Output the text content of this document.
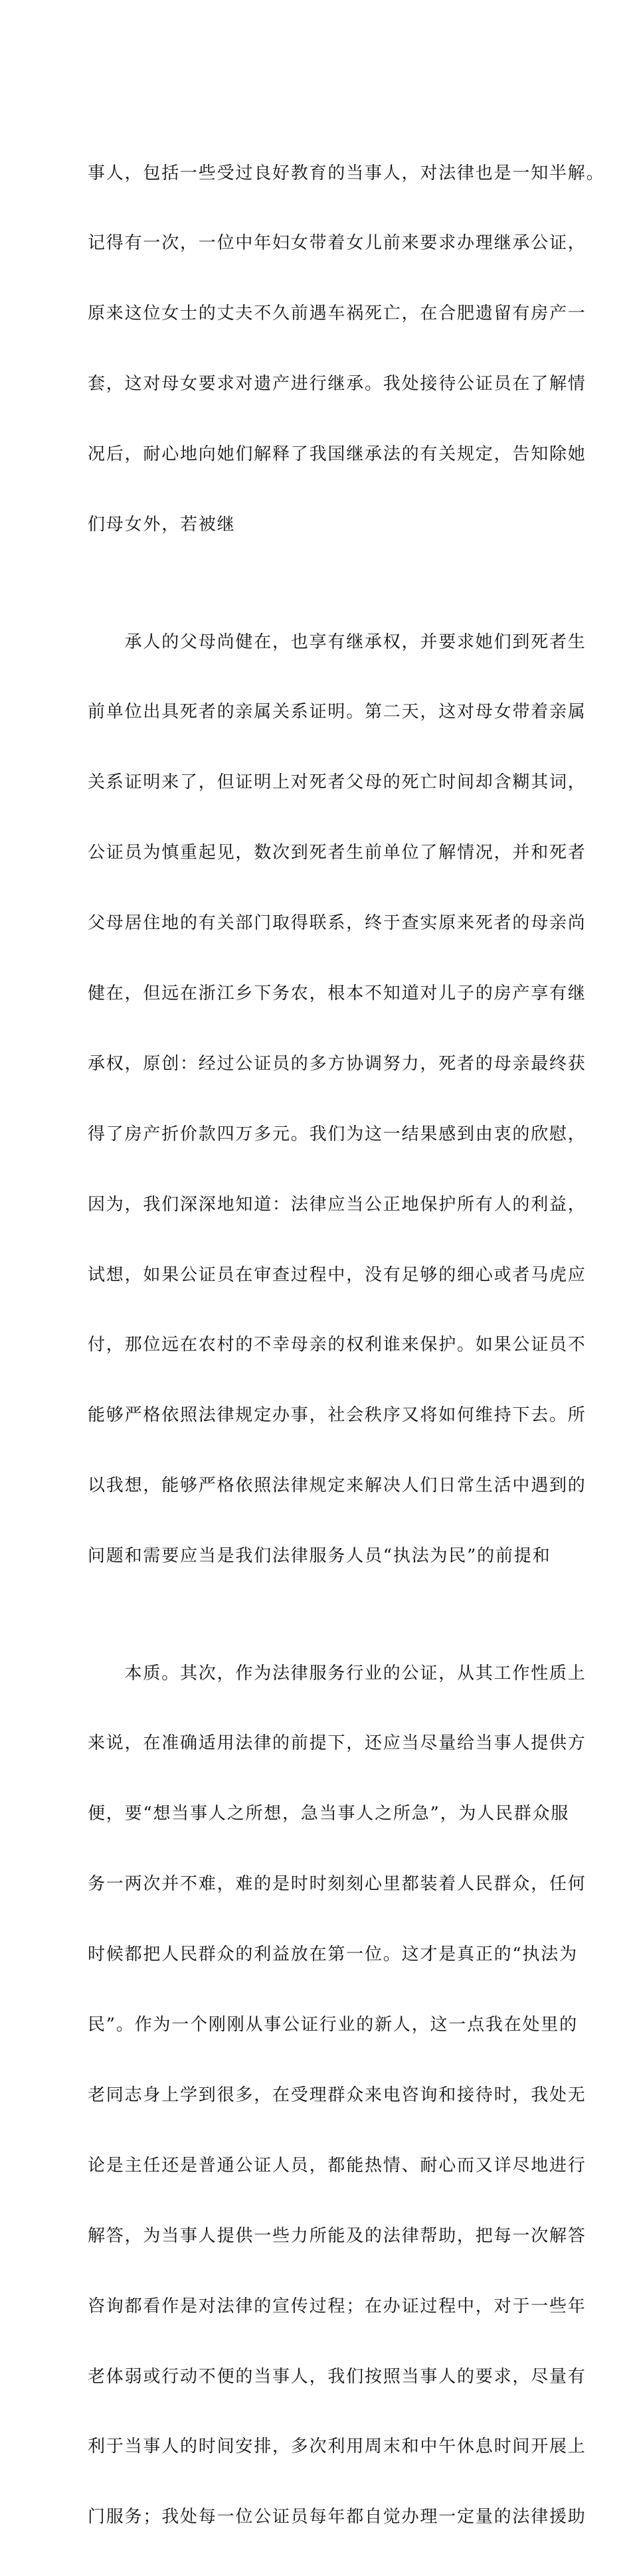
事人，包括一些受过良好教育的当事人，对法律也是一知半解。

记得有一次，一位中年妇女带着女儿前来要求办理继承公证，

原来这位女士的丈夫不久前遇车祸死亡，在合肥遗留有房产一

套，这对母女要求对遗产进行继承。我处接待公证员在了解情

况后，耐心地向她们解释了我国继承法的有关规定，告知除她

们母女外，若被继

　　承人的父母尚健在，也享有继承权，并要求她们到死者生

前单位出具死者的亲属关系证明。第二天，这对母女带着亲属

关系证明来了，但证明上对死者父母的死亡时间却含糊其词，

公证员为慎重起见，数次到死者生前单位了解情况，并和死者

父母居住地的有关部门取得联系，终于查实原来死者的母亲尚

健在，但远在浙江乡下务农，根本不知道对儿子的房产享有继

承权，原创：经过公证员的多方协调努力，死者的母亲最终获

得了房产折价款四万多元。我们为这一结果感到由衷的欣慰，

因为，我们深深地知道：法律应当公正地保护所有人的利益，

试想，如果公证员在审查过程中，没有足够的细心或者马虎应

付，那位远在农村的不幸母亲的权利谁来保护。如果公证员不

能够严格依照法律规定办事，社会秩序又将如何维持下去。所

以我想，能够严格依照法律规定来解决人们日常生活中遇到的

问题和需要应当是我们法律服务人员“执法为民”的前提和

　　本质。其次，作为法律服务行业的公证，从其工作性质上

来说，在准确适用法律的前提下，还应当尽量给当事人提供方

便，要“想当事人之所想，急当事人之所急”，为人民群众服

务一两次并不难，难的是时时刻刻心里都装着人民群众，任何

时候都把人民群众的利益放在第一位。这才是真正的“执法为

民”。作为一个刚刚从事公证行业的新人，这一点我在处里的

老同志身上学到很多，在受理群众来电咨询和接待时，我处无

论是主任还是普通公证人员，都能热情、耐心而又详尽地进行

解答，为当事人提供一些力所能及的法律帮助，把每一次解答

咨询都看作是对法律的宣传过程；在办证过程中，对于一些年

老体弱或行动不便的当事人，我们按照当事人的要求，尽量有

利于当事人的时间安排，多次利用周末和中午休息时间开展上

门服务；我处每一位公证员每年都自觉办理一定量的法律援助
